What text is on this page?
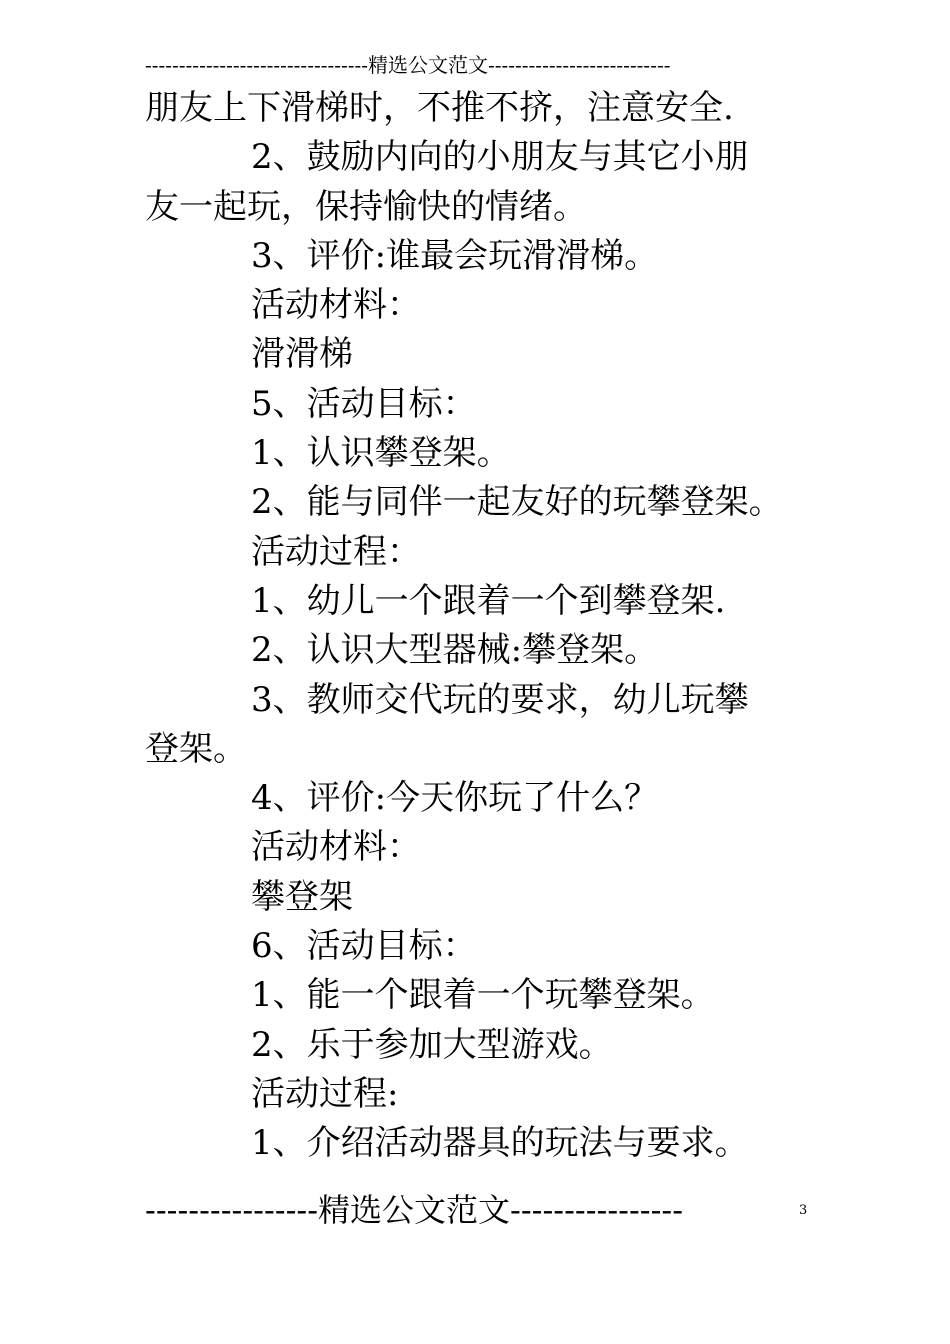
---------------------------------精选公文范文---------------------------
朋友上下滑梯时，不推不挤，注意安全.
2、鼓励内向的小朋友与其它小朋
友一起玩，保持愉快的情绪。
3、评价:谁最会玩滑滑梯。
活动材料：
滑滑梯
5、活动目标：
1、认识攀登架。
2、能与同伴一起友好的玩攀登架。
活动过程：
1、幼儿一个跟着一个到攀登架.
2、认识大型器械:攀登架。
3、教师交代玩的要求，幼儿玩攀
登架。
4、评价:今天你玩了什么？
活动材料：
攀登架
6、活动目标：
1、能一个跟着一个玩攀登架。
2、乐于参加大型游戏。
活动过程:
1、介绍活动器具的玩法与要求。
----------------精选公文范文----------------	3
